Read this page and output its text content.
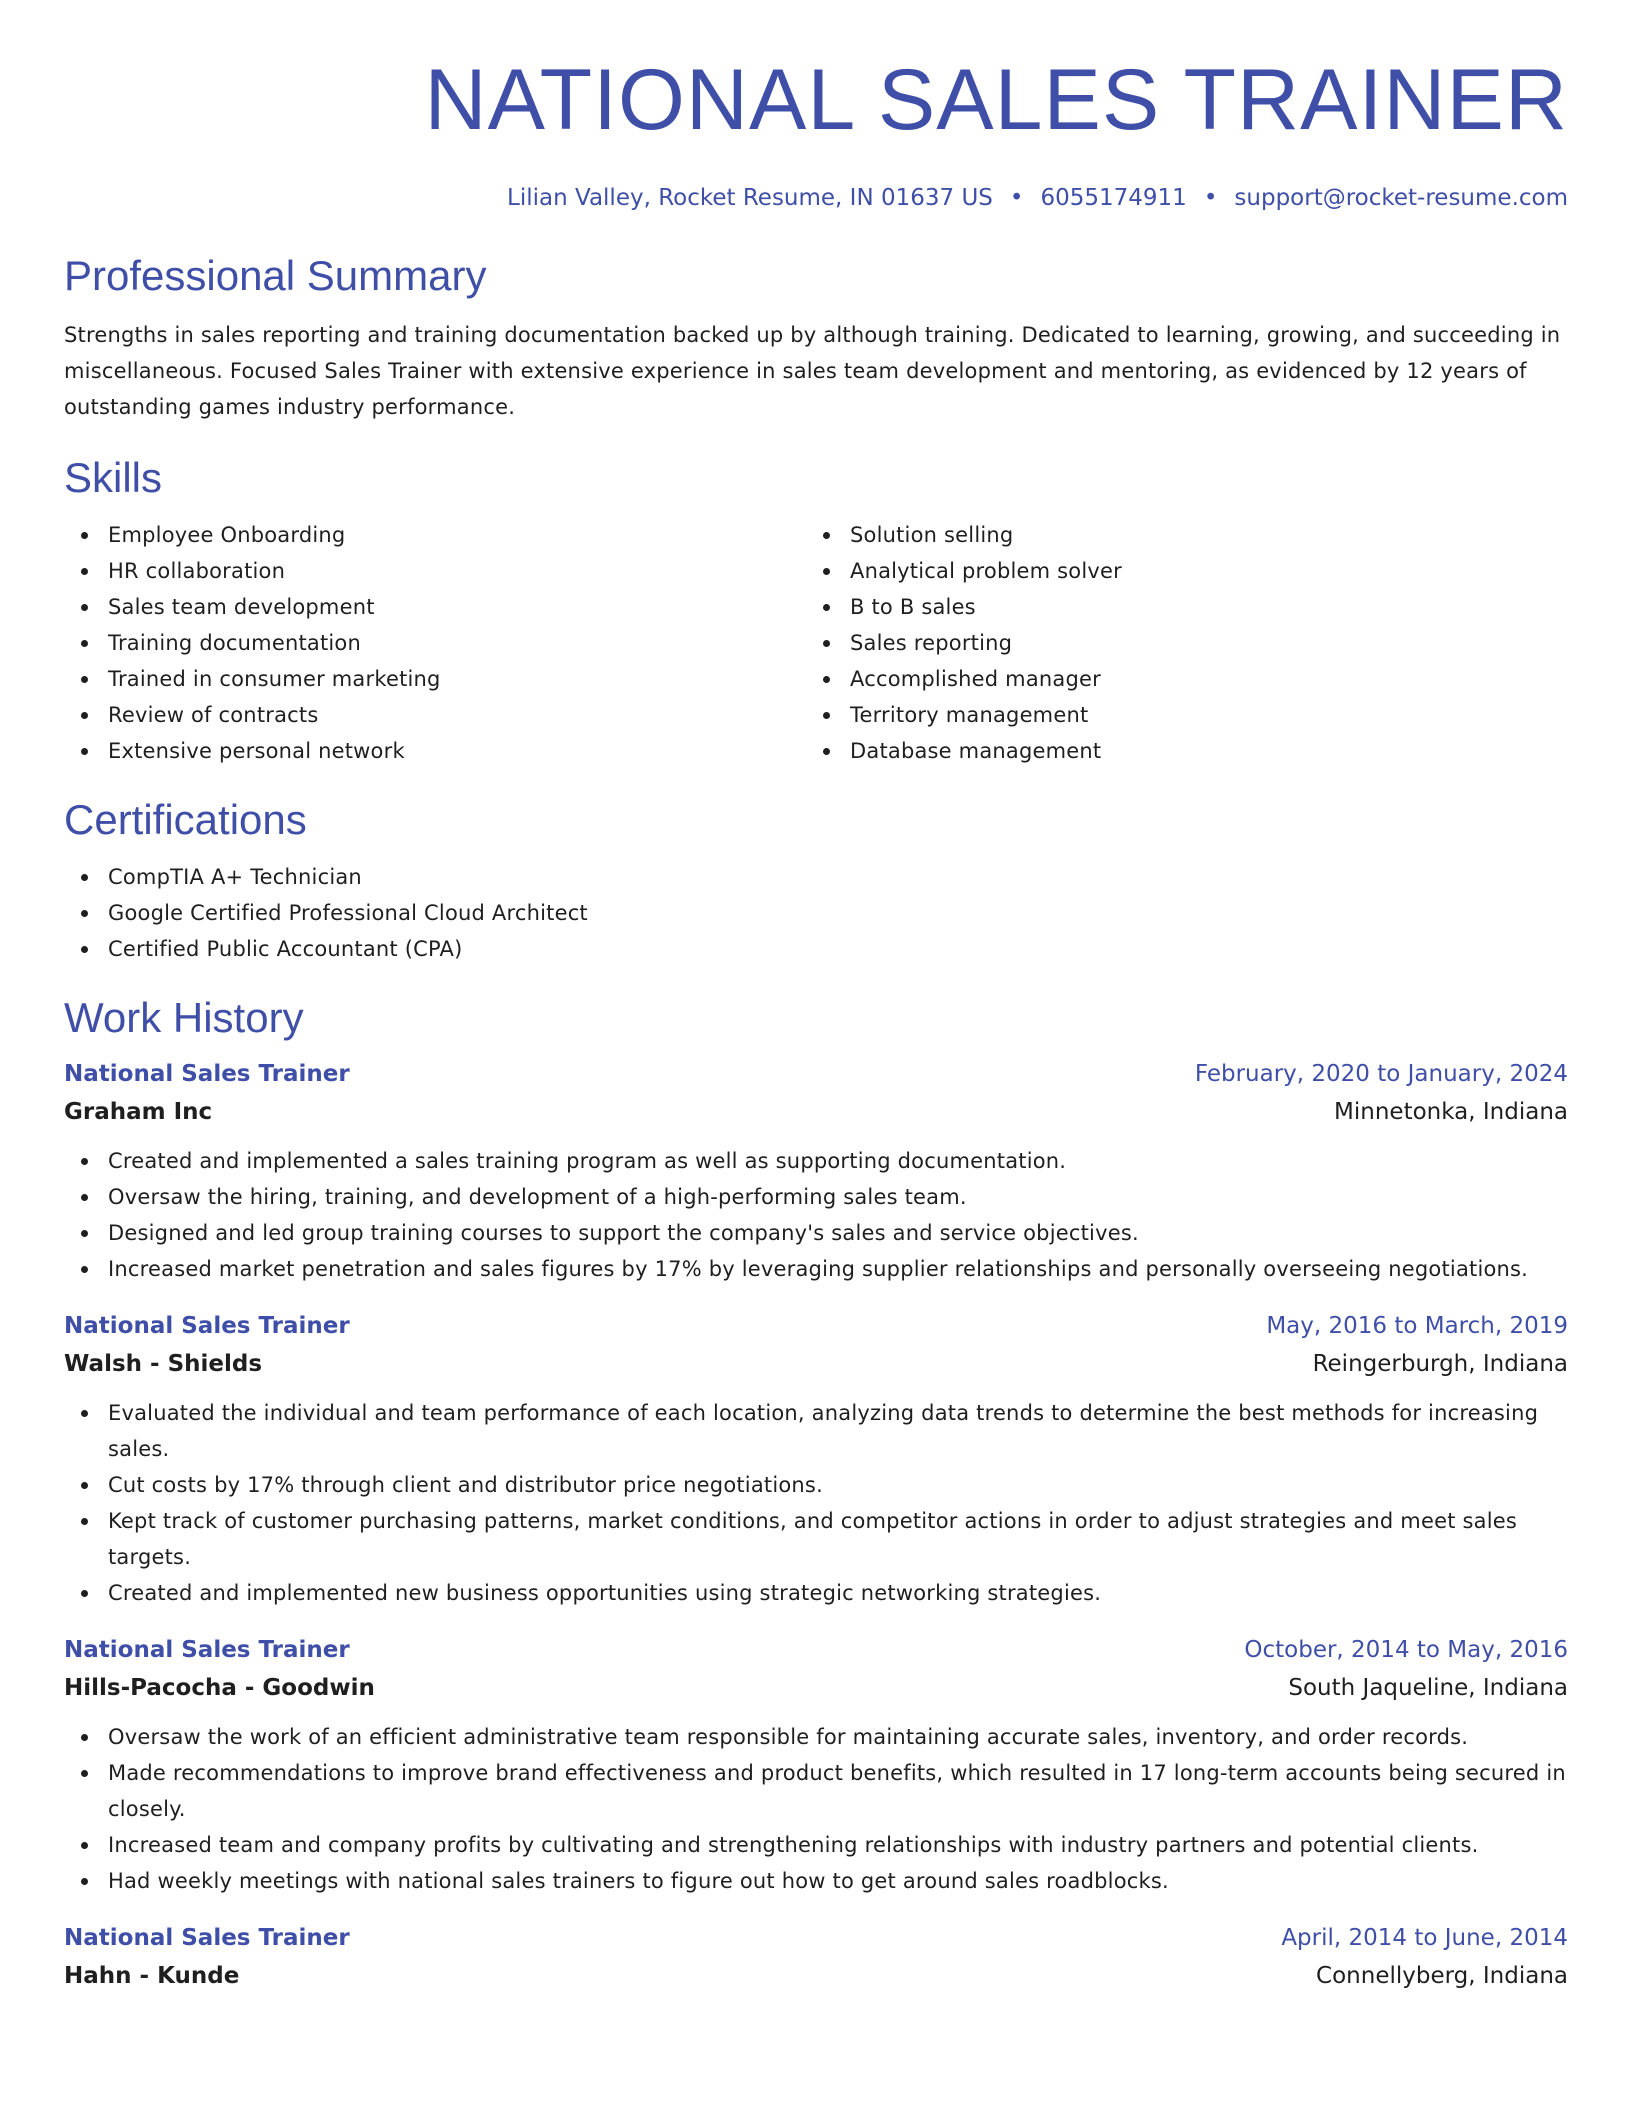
NATIONAL SALES TRAINER
Lilian Valley, Rocket Resume, IN 01637 US • 6055174911 • support@rocket-resume.com
Professional Summary

Strengths in sales reporting and training documentation backed up by although training. Dedicated to learning, growing, and succeeding in miscellaneous. Focused Sales Trainer with extensive experience in sales team development and mentoring, as evidenced by 12 years of outstanding games industry performance.

Skills
Employee Onboarding
HR collaboration
Sales team development
Training documentation
Trained in consumer marketing
Review of contracts
Extensive personal network
Solution selling
Analytical problem solver
B to B sales
Sales reporting
Accomplished manager
Territory management
Database management
Certifications
CompTIA A+ Technician
Google Certified Professional Cloud Architect
Certified Public Accountant (CPA)
Work History
National Sales Trainer	February, 2020 to January, 2024
Graham Inc	Minnetonka, Indiana
Created and implemented a sales training program as well as supporting documentation.
Oversaw the hiring, training, and development of a high-performing sales team.
Designed and led group training courses to support the company's sales and service objectives.
Increased market penetration and sales figures by 17% by leveraging supplier relationships and personally overseeing negotiations.
National Sales Trainer	May, 2016 to March, 2019
Walsh - Shields	Reingerburgh, Indiana
Evaluated the individual and team performance of each location, analyzing data trends to determine the best methods for increasing sales.
Cut costs by 17% through client and distributor price negotiations.
Kept track of customer purchasing patterns, market conditions, and competitor actions in order to adjust strategies and meet sales targets.
Created and implemented new business opportunities using strategic networking strategies.
National Sales Trainer	October, 2014 to May, 2016
Hills-Pacocha - Goodwin	South Jaqueline, Indiana
Oversaw the work of an efficient administrative team responsible for maintaining accurate sales, inventory, and order records.
Made recommendations to improve brand effectiveness and product benefits, which resulted in 17 long-term accounts being secured in closely.
Increased team and company profits by cultivating and strengthening relationships with industry partners and potential clients.
Had weekly meetings with national sales trainers to figure out how to get around sales roadblocks.
National Sales Trainer	April, 2014 to June, 2014
Hahn - Kunde	Connellyberg, Indiana
